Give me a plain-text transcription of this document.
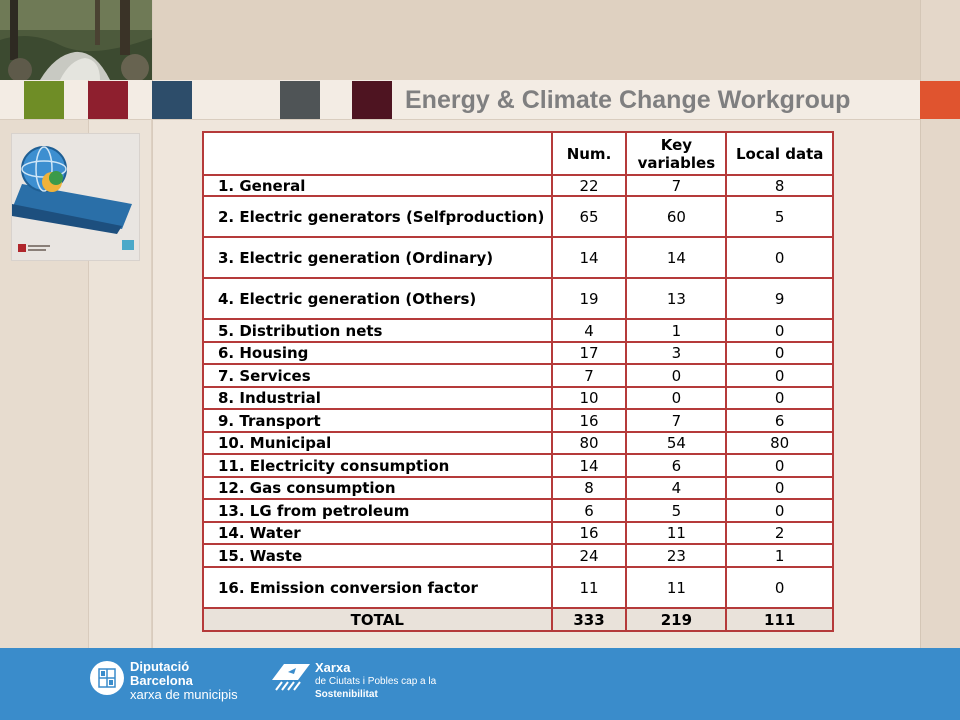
Energy & Climate Change Workgroup
	Num.	Key variables	Local data
1. General	22	7	8
2. Electric generators (Selfproduction)	65	60	5
3. Electric generation (Ordinary)	14	14	0
4. Electric generation (Others)	19	13	9
5. Distribution nets	4	1	0
6. Housing	17	3	0
7. Services	7	0	0
8. Industrial	10	0	0
9. Transport	16	7	6
10. Municipal	80	54	80
11. Electricity consumption	14	6	0
12. Gas consumption	8	4	0
13. LG from petroleum	6	5	0
14. Water	16	11	2
15. Waste	24	23	1
16. Emission conversion factor	11	11	0
TOTAL	333	219	111
Diputació
Barcelona
xarxa de municipis
Xarxa
de Ciutats i Pobles cap a la
Sostenibilitat
